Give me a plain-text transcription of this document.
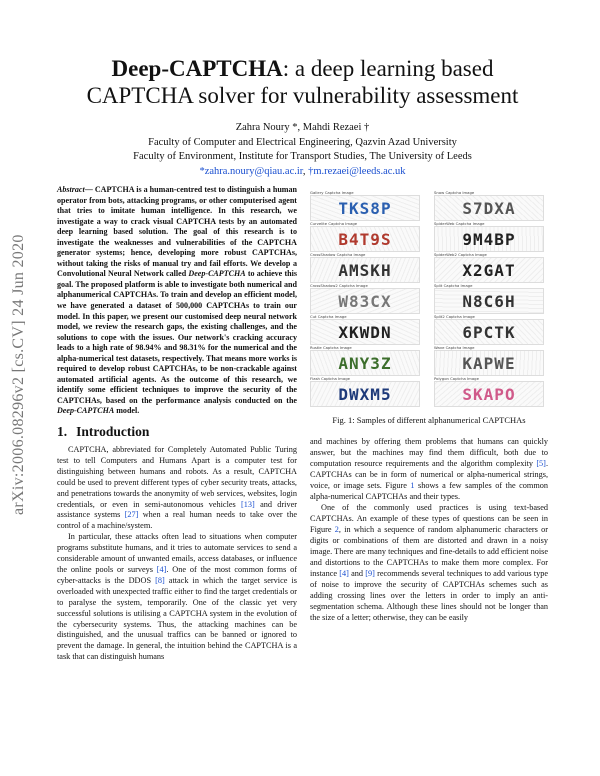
arXiv:2006.08296v2 [cs.CV] 24 Jun 2020
Deep-CAPTCHA: a deep learning based
CAPTCHA solver for vulnerability assessment
Zahra Noury *, Mahdi Rezaei †
Faculty of Computer and Electrical Engineering, Qazvin Azad University
Faculty of Environment, Institute for Transport Studies, The University of Leeds
*zahra.noury@qiau.ac.ir, †m.rezaei@leeds.ac.uk

Abstract— CAPTCHA is a human-centred test to distinguish a human operator from bots, attacking programs, or other computerised agent that tries to imitate human intelligence. In this research, we investigate a way to crack visual CAPTCHA tests by an automated deep learning based solution. The goal of this research is to investigate the weaknesses and vulnerabilities of the CAPTCHA generator systems; hence, developing more robust CAPTCHAs, without taking the risks of manual try and fail efforts. We develop a Convolutional Neural Network called Deep-CAPTCHA to achieve this goal. The proposed platform is able to investigate both numerical and alphanumerical CAPTCHAs. To train and develop an efficient model, we have generated a dataset of 500,000 CAPTCHAs to train our model. In this paper, we present our customised deep neural network model, we review the research gaps, the existing challenges, and the solutions to cope with the issues. Our network's cracking accuracy leads to a high rate of 98.94% and 98.31% for the numerical and the alpha-numerical test datasets, respectively. That means more works is required to develop robust CAPTCHAs, to be non-crackable against automated artificial agents. As the outcome of this research, we identify some efficient techniques to improve the security of the CAPTCHAs, based on the performance analysis conducted on the Deep-CAPTCHA model.

1. Introduction

CAPTCHA, abbreviated for Completely Automated Public Turing test to tell Computers and Humans Apart is a computer test for distinguishing between humans and robots. As a result, CAPTCHA could be used to prevent different types of cyber security treats, attacks, and penetrations towards the anonymity of web services, websites, login credentials, or even in semi-autonomous vehicles [13] and driver assistance systems [27] when a real human needs to take over the control of a machine/system.

In particular, these attacks often lead to situations when computer programs substitute humans, and it tries to automate services to send a considerable amount of unwanted emails, access databases, or influence the online pools or surveys [4]. One of the most common forms of cyber-attacks is the DDOS [8] attack in which the target service is overloaded with unexpected traffic either to find the target credentials or to paralyse the system, temporarily. One of the classic yet very successful solutions is utilising a CAPTCHA system in the evolution of the cybersecurity systems. Thus, the attacking machines can be distinguished, and the unusual traffics can be banned or ignored to prevent the damage. In general, the intuition behind the CAPTCHA is a task that can distinguish humans

Gallery Captcha Image
TKS8P
Snow Captcha Image
S7DXA
Curvelite Captcha Image
B4T9S
SpiderWeb Captcha Image
9M4BP
CrossShadow Captcha Image
AMSKH
SpiderWeb2 Captcha Image
X2GAT
CrossShadow2 Captcha Image
W83CX
Split Captcha Image
N8C6H
Cut Captcha Image
XKWDN
Split2 Captcha Image
6PCTK
Rustle Captcha Image
ANY3Z
Wave Captcha Image
KAPWE
Flash Captcha Image
DWXM5
Polygon Captcha Image
SKAPO
Fig. 1: Samples of different alphanumerical CAPTCHAs

and machines by offering them problems that humans can quickly answer, but the machines may find them difficult, both due to computation resource requirements and the algorithm complexity [5]. CAPTCHAs can be in form of numerical or alpha-numerical strings, voice, or image sets. Figure 1 shows a few samples of the common alpha-numerical CAPTCHAs and their types.

One of the commonly used practices is using text-based CAPTCHAs. An example of these types of questions can be seen in Figure 2, in which a sequence of random alphanumeric characters or digits or combinations of them are distorted and drawn in a noisy image. There are many techniques and fine-details to add efficient noise and distortions to the CAPTCHAs to make them more complex. For instance [4] and [9] recommends several techniques to add various type of noise to improve the security of CAPTCHAs schemes such as adding crossing lines over the letters in order to imply an anti-segmentation schema. Although these lines should not be longer than the size of a letter; otherwise, they can be easily
